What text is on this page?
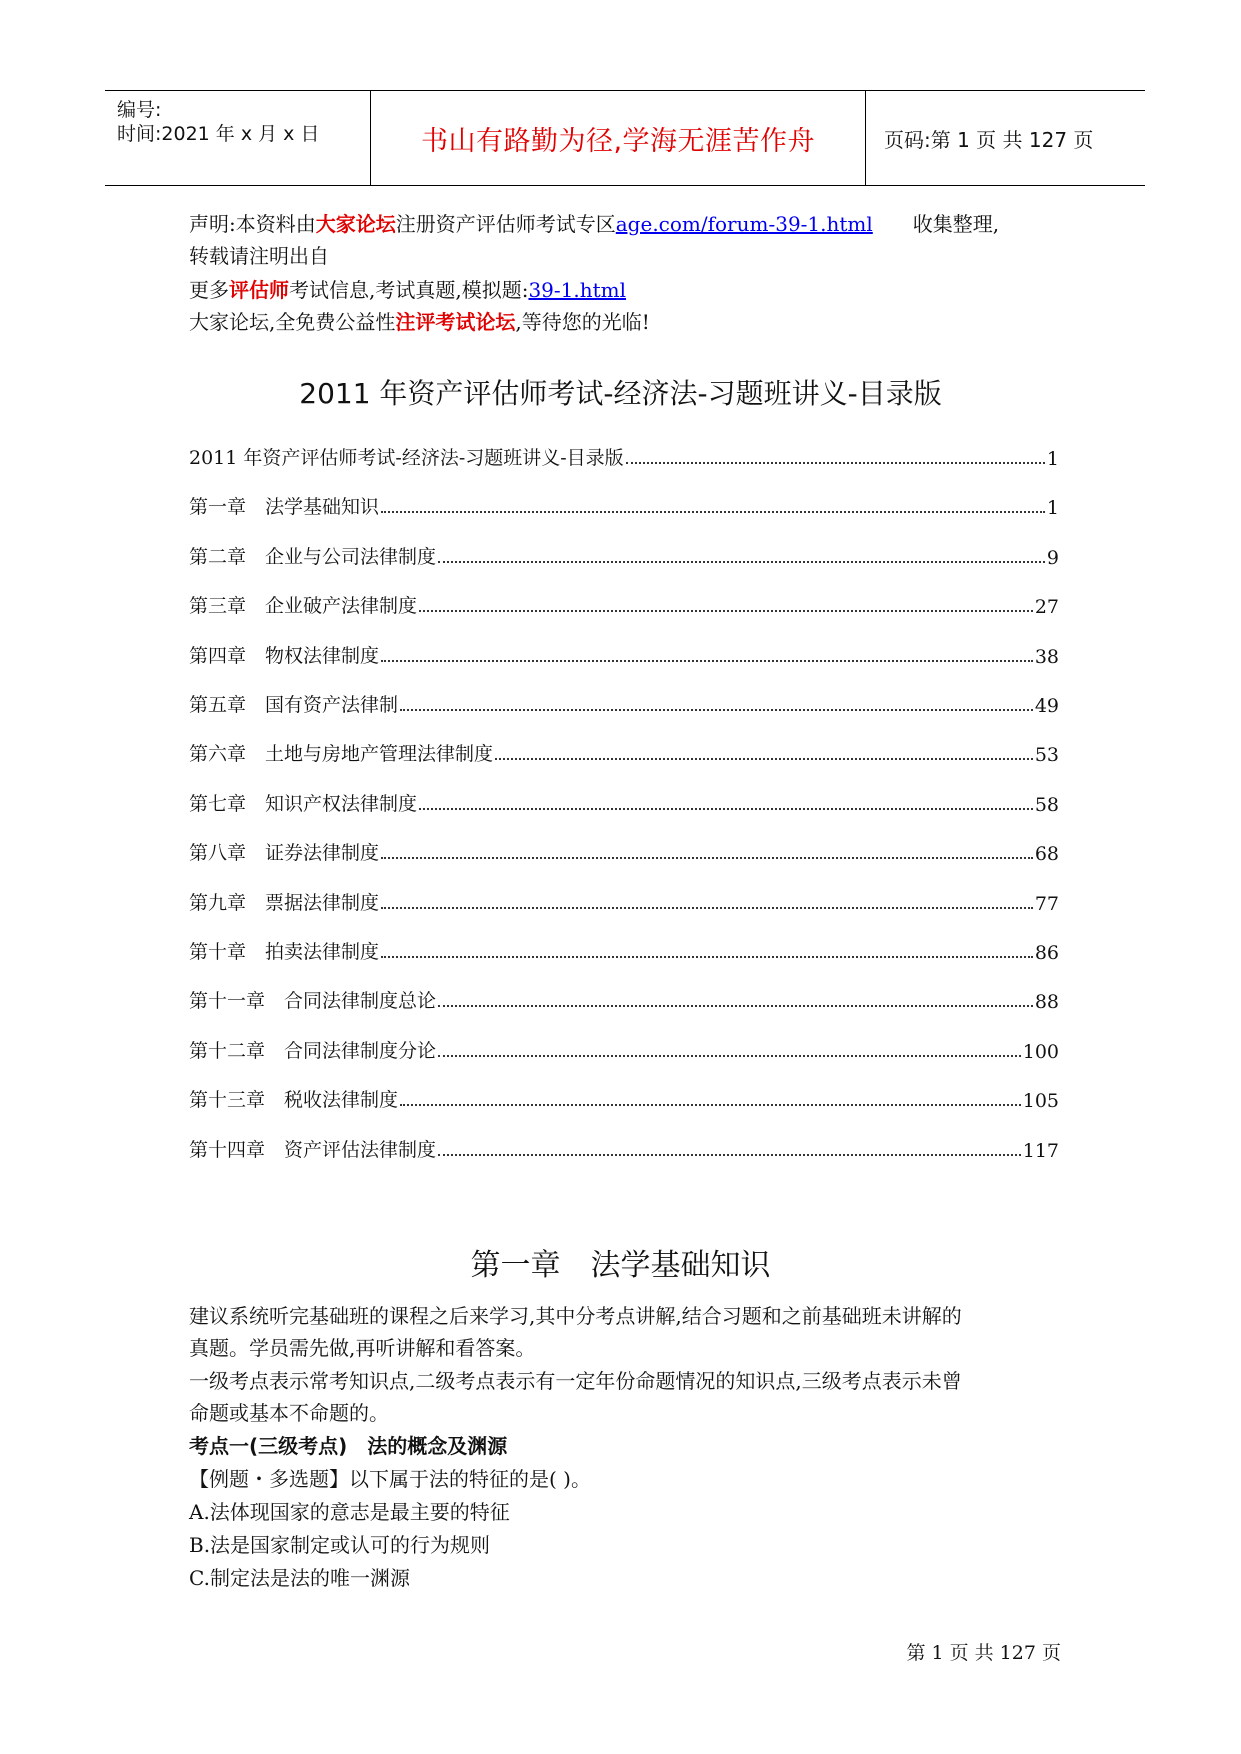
编号:
时间:2021 年 x 月 x 日	书山有路勤为径,学海无涯苦作舟	页码:第 1 页 共 127 页
声明:本资料由大家论坛注册资产评估师考试专区age.com/forum-39-1.html　　收集整理,
转载请注明出自
更多评估师考试信息,考试真题,模拟题:39-1.html
大家论坛,全免费公益性注评考试论坛,等待您的光临!
2011 年资产评估师考试-经济法-习题班讲义-目录版
2011 年资产评估师考试-经济法-习题班讲义-目录版	1
第一章　法学基础知识	1
第二章　企业与公司法律制度	9
第三章　企业破产法律制度	27
第四章　物权法律制度	38
第五章　国有资产法律制	49
第六章　土地与房地产管理法律制度	53
第七章　知识产权法律制度	58
第八章　证券法律制度	68
第九章　票据法律制度	77
第十章　拍卖法律制度	86
第十一章　合同法律制度总论	88
第十二章　合同法律制度分论	100
第十三章　税收法律制度	105
第十四章　资产评估法律制度	117
第一章　法学基础知识
建议系统听完基础班的课程之后来学习,其中分考点讲解,结合习题和之前基础班未讲解的
真题。学员需先做,再听讲解和看答案。
一级考点表示常考知识点,二级考点表示有一定年份命题情况的知识点,三级考点表示未曾
命题或基本不命题的。
考点一(三级考点)　法的概念及渊源
【例题・多选题】以下属于法的特征的是( )。
A.法体现国家的意志是最主要的特征
B.法是国家制定或认可的行为规则
C.制定法是法的唯一渊源
第 1 页 共 127 页
